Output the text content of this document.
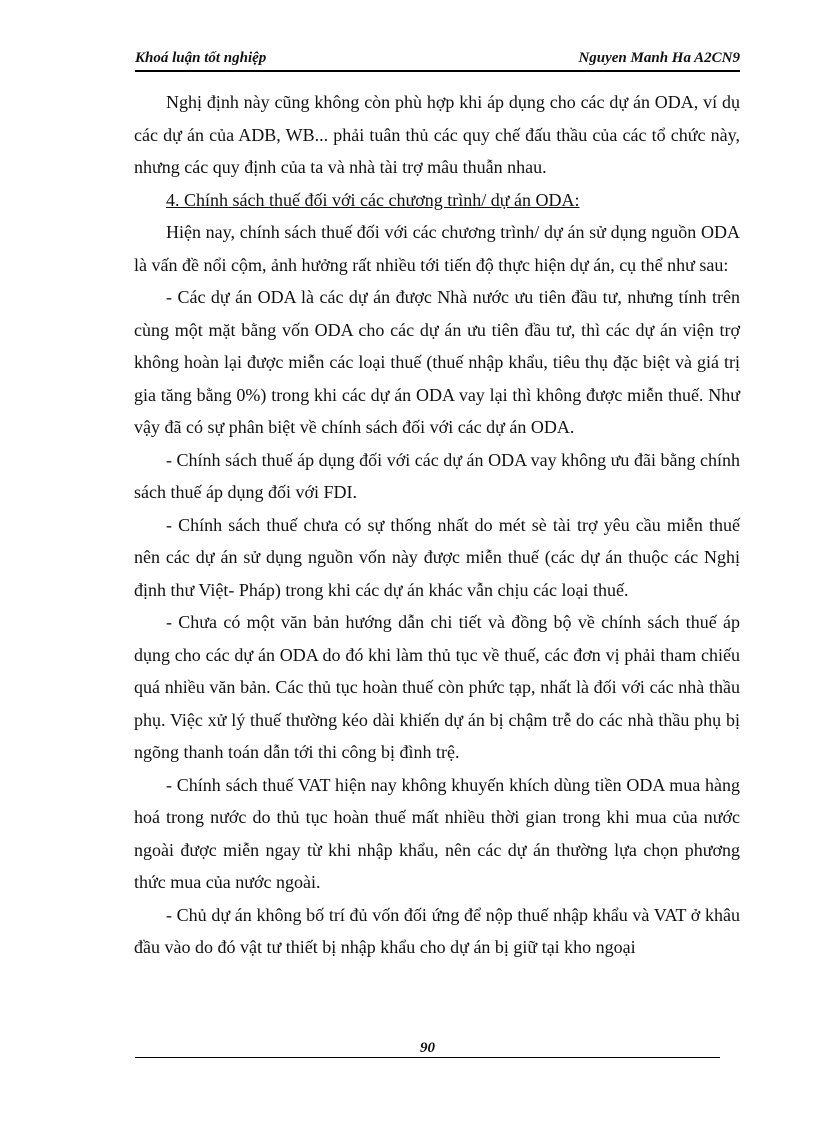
Khoá luận tốt nghiệp	Nguyen Manh Ha A2CN9

Nghị định này cũng không còn phù hợp khi áp dụng cho các dự án ODA, ví dụ các dự án của ADB, WB... phải tuân thủ các quy chế đấu thầu của các tổ chức này, nhưng các quy định của ta và nhà tài trợ mâu thuẫn nhau.

4. Chính sách thuế đối với các chương trình/ dự án ODA:

Hiện nay, chính sách thuế đối với các chương trình/ dự án sử dụng nguồn ODA là vấn đề nổi cộm, ảnh hưởng rất nhiều tới tiến độ thực hiện dự án, cụ thể như sau:

- Các dự án ODA là các dự án được Nhà nước ưu tiên đầu tư, nhưng tính trên cùng một mặt bằng vốn ODA cho các dự án ưu tiên đầu tư, thì các dự án viện trợ không hoàn lại được miễn các loại thuế (thuế nhập khẩu, tiêu thụ đặc biệt và giá trị gia tăng bằng 0%) trong khi các dự án ODA vay lại thì không được miễn thuế. Như vậy đã có sự phân biệt về chính sách đối với các dự án ODA.

- Chính sách thuế áp dụng đối với các dự án ODA vay không ưu đãi bằng chính sách thuế áp dụng đối với FDI.

- Chính sách thuế chưa có sự thống nhất do mét sè tài trợ yêu cầu miễn thuế nên các dự án sử dụng nguồn vốn này được miễn thuế (các dự án thuộc các Nghị định thư Việt- Pháp) trong khi các dự án khác vẫn chịu các loại thuế.

- Chưa có một văn bản hướng dẫn chi tiết và đồng bộ về chính sách thuế áp dụng cho các dự án ODA do đó khi làm thủ tục về thuế, các đơn vị phải tham chiếu quá nhiều văn bản. Các thủ tục hoàn thuế còn phức tạp, nhất là đối với các nhà thầu phụ. Việc xử lý thuế thường kéo dài khiến dự án bị chậm trễ do các nhà thầu phụ bị ngõng thanh toán dẫn tới thi công bị đình trệ.

- Chính sách thuế VAT hiện nay không khuyến khích dùng tiền ODA mua hàng hoá trong nước do thủ tục hoàn thuế mất nhiều thời gian trong khi mua của nước ngoài được miễn ngay từ khi nhập khẩu, nên các dự án thường lựa chọn phương thức mua của nước ngoài.

- Chủ dự án không bố trí đủ vốn đối ứng để nộp thuế nhập khẩu và VAT ở khâu đầu vào do đó vật tư thiết bị nhập khẩu cho dự án bị giữ tại kho ngoại

90
